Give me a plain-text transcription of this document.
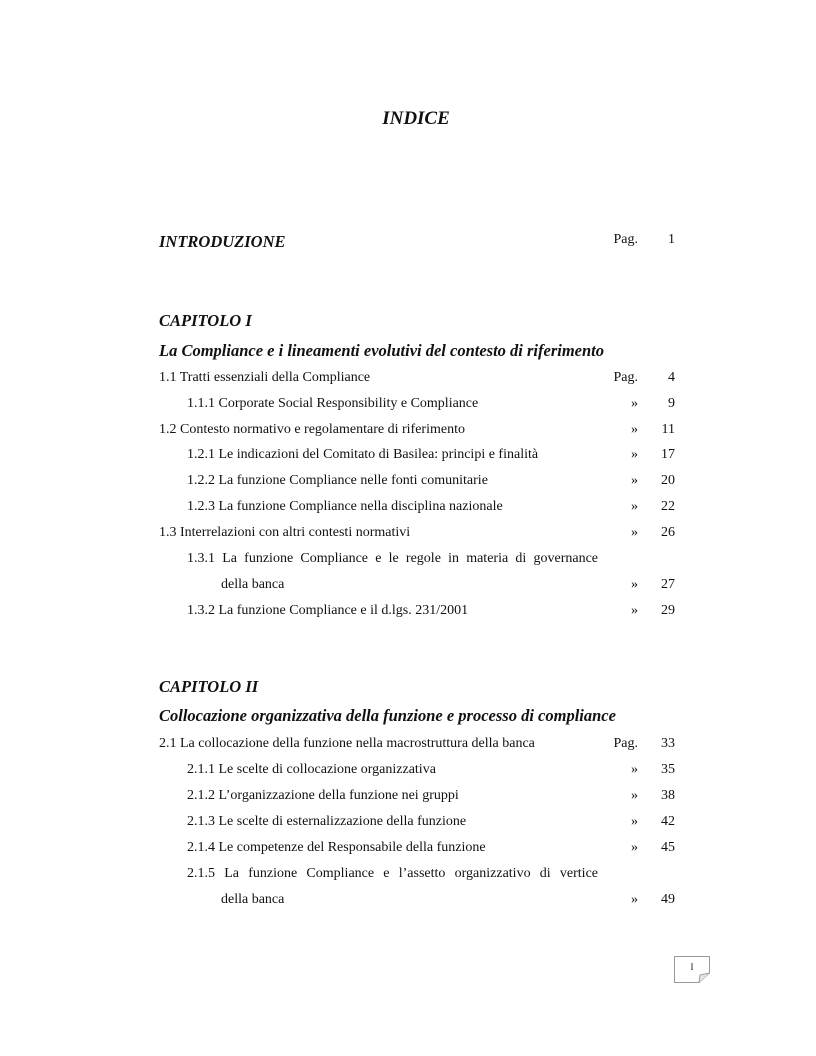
INDICE
INTRODUZIONE	Pag.	1
CAPITOLO I
La Compliance e i lineamenti evolutivi del contesto di riferimento
1.1 Tratti essenziali della Compliance	Pag.	4
1.1.1 Corporate Social Responsibility e Compliance	»	9
1.2 Contesto normativo e regolamentare di riferimento	»	11
1.2.1 Le indicazioni del Comitato di Basilea: principi e finalità	»	17
1.2.2 La funzione Compliance nelle fonti comunitarie	»	20
1.2.3 La funzione Compliance nella disciplina nazionale	»	22
1.3 Interrelazioni con altri contesti normativi	»	26
1.3.1 La funzione Compliance e le regole in materia di governance
della banca	»	27
1.3.2 La funzione Compliance e il d.lgs. 231/2001	»	29
CAPITOLO II
Collocazione organizzativa della funzione e processo di compliance
2.1 La collocazione della funzione nella macrostruttura della banca	Pag.	33
2.1.1 Le scelte di collocazione organizzativa	»	35
2.1.2 L’organizzazione della funzione nei gruppi	»	38
2.1.3 Le scelte di esternalizzazione della funzione	»	42
2.1.4 Le competenze del Responsabile della funzione	»	45
2.1.5 La funzione Compliance e l’assetto organizzativo di vertice
della banca	»	49
I
